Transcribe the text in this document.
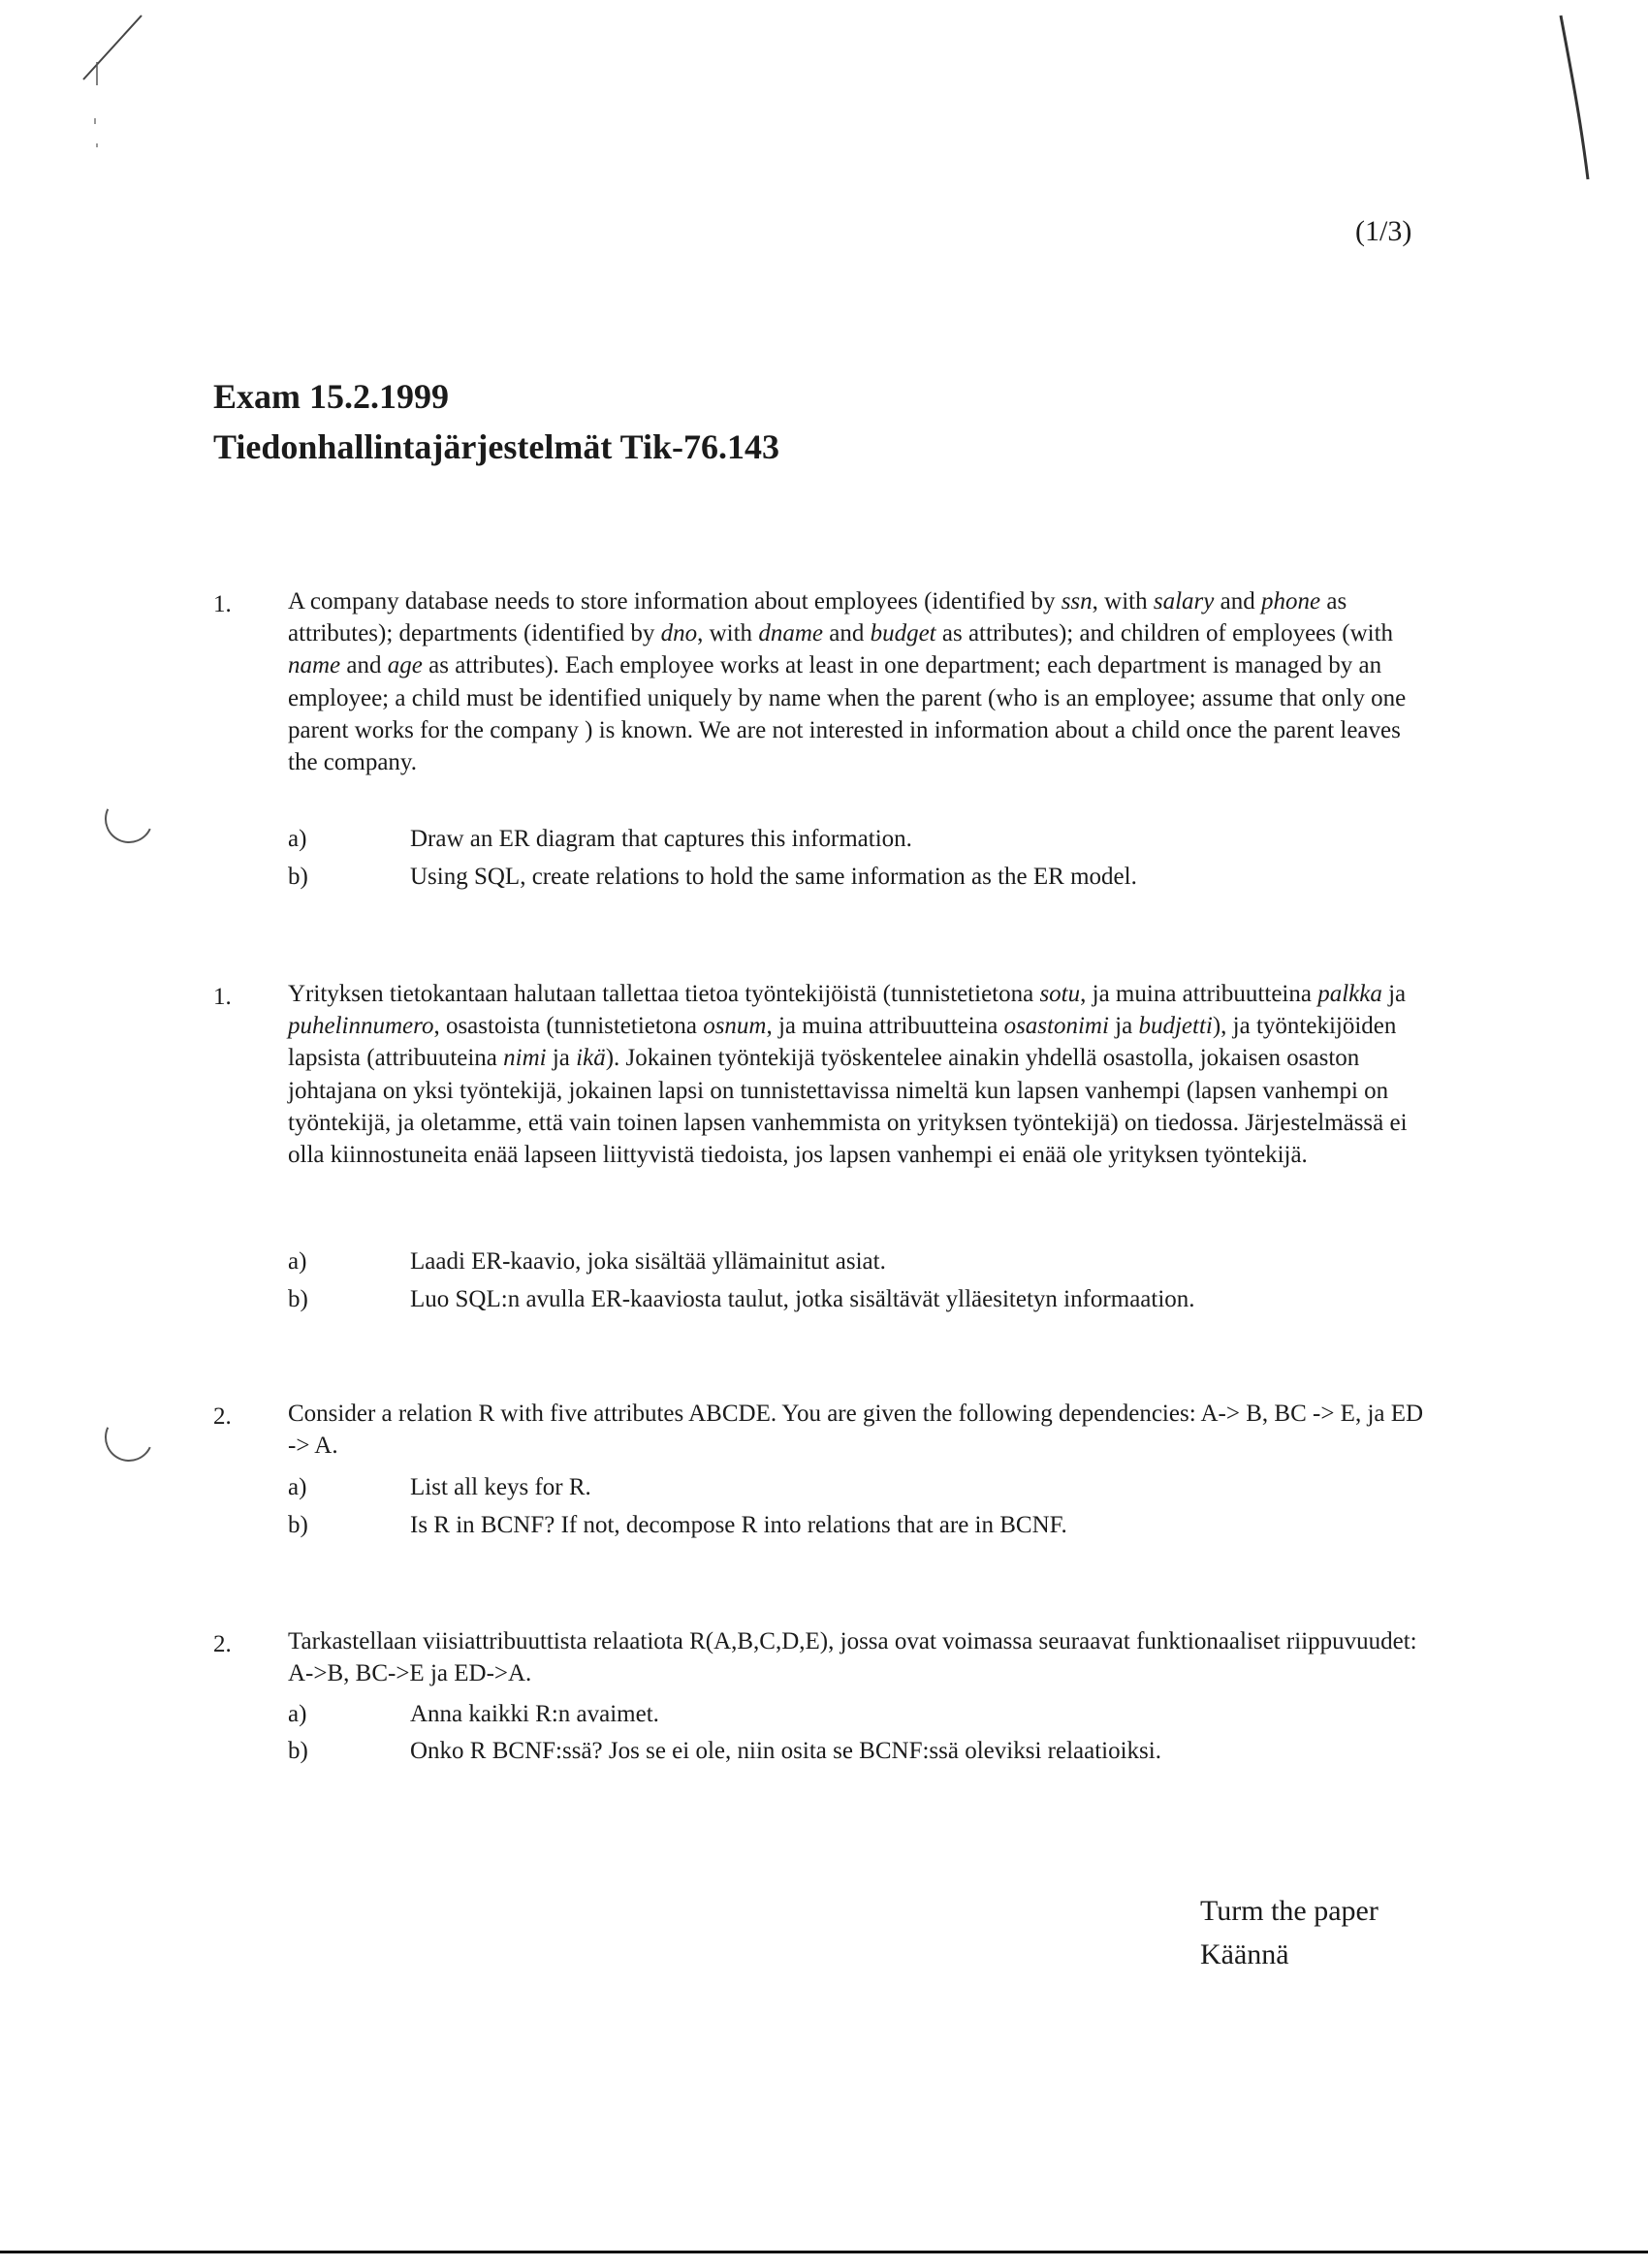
(1/3)
Exam 15.2.1999
Tiedonhallintajärjestelmät Tik-76.143
1. A company database needs to store information about employees (identified by ssn, with salary and phone as attributes); departments (identified by dno, with dname and budget as attributes); and children of employees (with name and age as attributes). Each employee works at least in one department; each department is managed by an employee; a child must be identified uniquely by name when the parent (who is an employee; assume that only one parent works for the company ) is known. We are not interested in information about a child once the parent leaves the company.
a)	Draw an ER diagram that captures this information.
b)	Using SQL, create relations to hold the same information as the ER model.
1. Yrityksen tietokantaan halutaan tallettaa tietoa työntekijöistä (tunnistetietona sotu, ja muina attribuutteina palkka ja puhelinnumero, osastoista (tunnistetietona osnum, ja muina attribuutteina osastonimi ja budjetti), ja työntekijöiden lapsista (attribuuteina nimi ja ikä). Jokainen työntekijä työskentelee ainakin yhdellä osastolla, jokaisen osaston johtajana on yksi työntekijä, jokainen lapsi on tunnistettavissa nimeltä kun lapsen vanhempi (lapsen vanhempi on työntekijä, ja oletamme, että vain toinen lapsen vanhemmista on yrityksen työntekijä) on tiedossa. Järjestelmässä ei olla kiinnostuneita enää lapseen liittyvistä tiedoista, jos lapsen vanhempi ei enää ole yrityksen työntekijä.
a)	Laadi ER-kaavio, joka sisältää yllämainitut asiat.
b)	Luo SQL:n avulla ER-kaaviosta taulut, jotka sisältävät ylläesitetyn informaation.
2. Consider a relation R with five attributes ABCDE. You are given the following dependencies: A-> B, BC -> E, ja ED -> A.
a)	List all keys for R.
b)	Is R in BCNF? If not, decompose R into relations that are in BCNF.
2. Tarkastellaan viisiattribuuttista relaatiota R(A,B,C,D,E), jossa ovat voimassa seuraavat funktionaaliset riippuvuudet: A->B, BC->E ja ED->A.
a)	Anna kaikki R:n avaimet.
b)	Onko R BCNF:ssä? Jos se ei ole, niin osita se BCNF:ssä oleviksi relaatioiksi.
Turm the paper
Käännä
